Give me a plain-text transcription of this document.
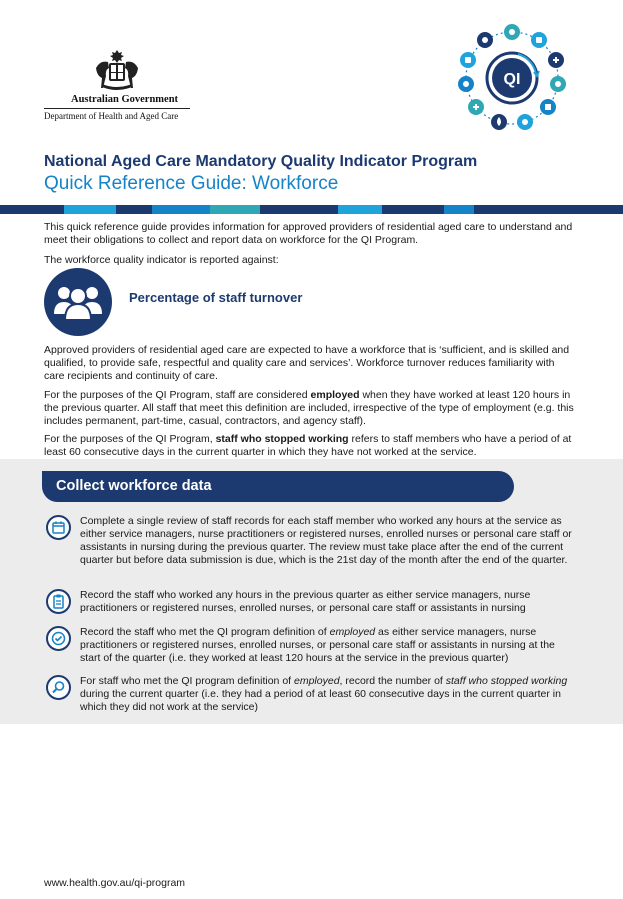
Australian Government
Department of Health and Aged Care
QI
National Aged Care Mandatory Quality Indicator Program
Quick Reference Guide: Workforce

This quick reference guide provides information for approved providers of residential aged care to understand and meet their obligations to collect and report data on workforce for the QI Program.

The workforce quality indicator is reported against:

Percentage of staff turnover

Approved providers of residential aged care are expected to have a workforce that is ‘sufficient, and is skilled and qualified, to provide safe, respectful and quality care and services’. Workforce turnover reduces familiarity with care recipients and continuity of care.

For the purposes of the QI Program, staff are considered employed when they have worked at least 120 hours in the previous quarter. All staff that meet this definition are included, irrespective of the type of employment (e.g. this includes permanent, part-time, casual, contractors, and agency staff).

For the purposes of the QI Program, staff who stopped working refers to staff members who have a period of at least 60 consecutive days in the current quarter in which they have not worked at the service.

Collect workforce data

Complete a single review of staff records for each staff member who worked any hours at the service as either service managers, nurse practitioners or registered nurses, enrolled nurses or personal care staff or assistants in nursing during the previous quarter. The review must take place after the end of the current quarter but before data submission is due, which is the 21st day of the month after the end of the quarter.

Record the staff who worked any hours in the previous quarter as either service managers, nurse practitioners or registered nurses, enrolled nurses, or personal care staff or assistants in nursing

Record the staff who met the QI program definition of employed as either service managers, nurse practitioners or registered nurses, enrolled nurses, or personal care staff or assistants in nursing at the start of the quarter (i.e. they worked at least 120 hours at the service in the previous quarter)

For staff who met the QI program definition of employed, record the number of staff who stopped working during the current quarter (i.e. they had a period of at least 60 consecutive days in the current quarter in which they did not work at the service)

www.health.gov.au/qi-program
